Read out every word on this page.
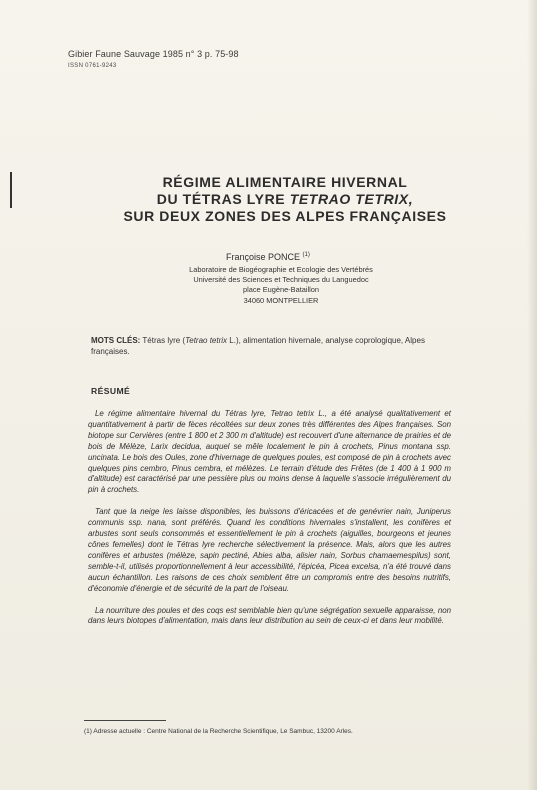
Gibier Faune Sauvage 1985 n° 3 p. 75-98
ISSN 0761-9243
RÉGIME ALIMENTAIRE HIVERNAL
DU TÉTRAS LYRE TETRAO TETRIX,
SUR DEUX ZONES DES ALPES FRANÇAISES
Françoise PONCE $^{(1)}$
Laboratoire de Biogéographie et Ecologie des Vertébrés
Université des Sciences et Techniques du Languedoc
place Eugène-Bataillon
34060 MONTPELLIER
MOTS CLÉS: Tétras lyre (Tetrao tetrix L.), alimentation hivernale, analyse coprologique, Alpes françaises.
RÉSUMÉ

Le régime alimentaire hivernal du Tétras lyre, Tetrao tetrix L., a été analysé qualitativement et quantitativement à partir de fèces récoltées sur deux zones très différentes des Alpes françaises. Son biotope sur Cervières (entre 1 800 et 2 300 m d'altitude) est recouvert d'une alternance de prairies et de bois de Mélèze, Larix decidua, auquel se mêle localement le pin à crochets, Pinus montana ssp. uncinata. Le bois des Oules, zone d'hivernage de quelques poules, est composé de pin à crochets avec quelques pins cembro, Pinus cembra, et mélèzes. Le terrain d'étude des Frêtes (de 1 400 à 1 900 m d'altitude) est caractérisé par une pessière plus ou moins dense à laquelle s'associe irrégulièrement du pin à crochets.

Tant que la neige les laisse disponibles, les buissons d'éricacées et de genévrier nain, Juniperus communis ssp. nana, sont préférés. Quand les conditions hivernales s'installent, les conifères et arbustes sont seuls consommés et essentiellement le pin à crochets (aiguilles, bourgeons et jeunes cônes femelles) dont le Tétras lyre recherche sélectivement la présence. Mais, alors que les autres conifères et arbustes (mélèze, sapin pectiné, Abies alba, alisier nain, Sorbus chamaemespilus) sont, semble-t-il, utilisés proportionnellement à leur accessibilité, l'épicéa, Picea excelsa, n'a été trouvé dans aucun échantillon. Les raisons de ces choix semblent être un compromis entre des besoins nutritifs, d'économie d'énergie et de sécurité de la part de l'oiseau.

La nourriture des poules et des coqs est semblable bien qu'une ségrégation sexuelle apparaisse, non dans leurs biotopes d'alimentation, mais dans leur distribution au sein de ceux-ci et dans leur mobilité.

(1) Adresse actuelle : Centre National de la Recherche Scientifique, Le Sambuc, 13200 Arles.
